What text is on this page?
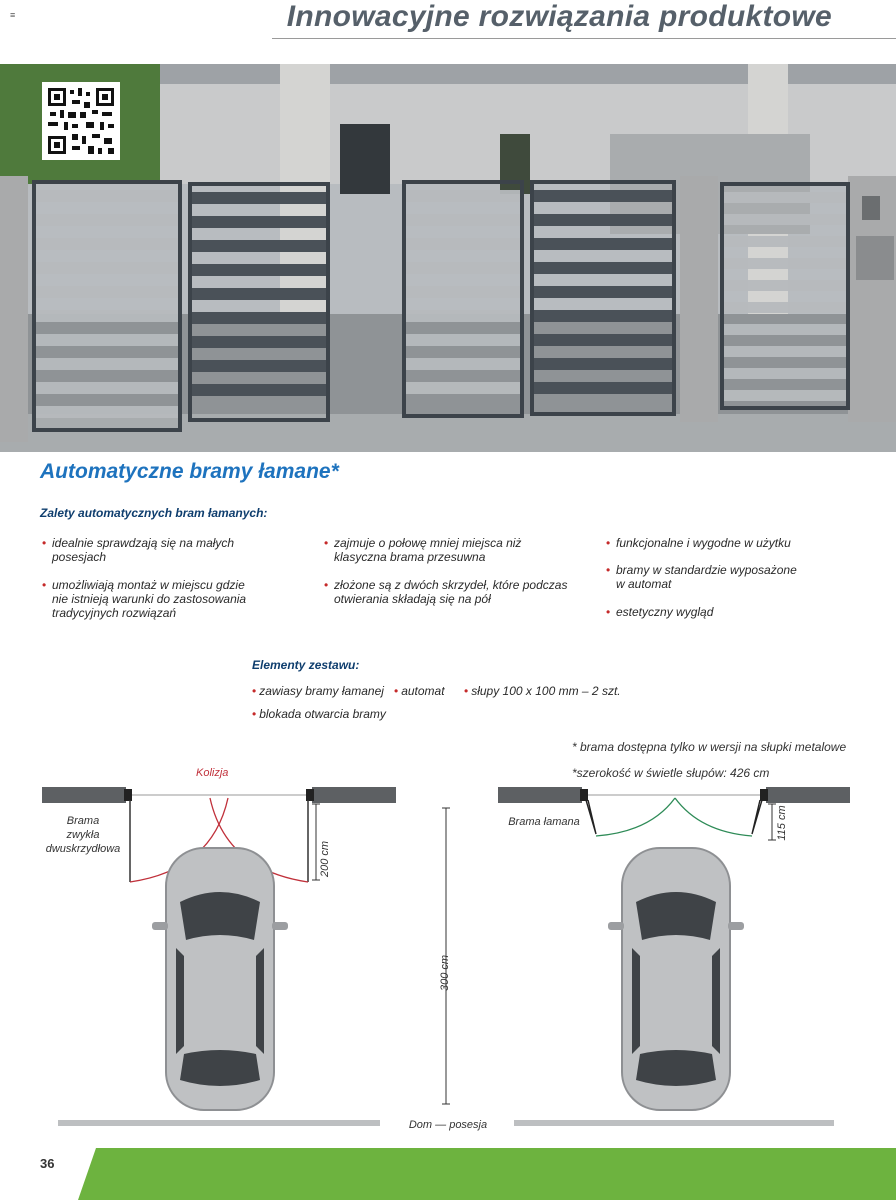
≡	Innowacyjne rozwiązania produktowe
Automatyczne bramy łamane*
Zalety automatycznych bram łamanych:
• idealnie sprawdzają się na małych
posesjach
• umożliwiają montaż w miejscu gdzie
nie istnieją warunki do zastosowania
tradycyjnych rozwiązań
• zajmuje o połowę mniej miejsca niż
klasyczna brama przesuwna
• złożone są z dwóch skrzydeł, które podczas
otwierania składają się na pół
• funkcjonalne i wygodne w użytku
• bramy w standardzie wyposażone
w automat
• estetyczny wygląd
Elementy zestawu:
• zawiasy bramy łamanej • automat • słupy 100 x 100 mm – 2 szt.
• blokada otwarcia bramy
* brama dostępna tylko w wersji na słupki metalowe
*szerokość w świetle słupów: 426 cm
Kolizja
Brama
zwykła
dwuskrzydłowa
Brama łamana
200 cm
300 cm
115 cm
Dom — posesja
36
